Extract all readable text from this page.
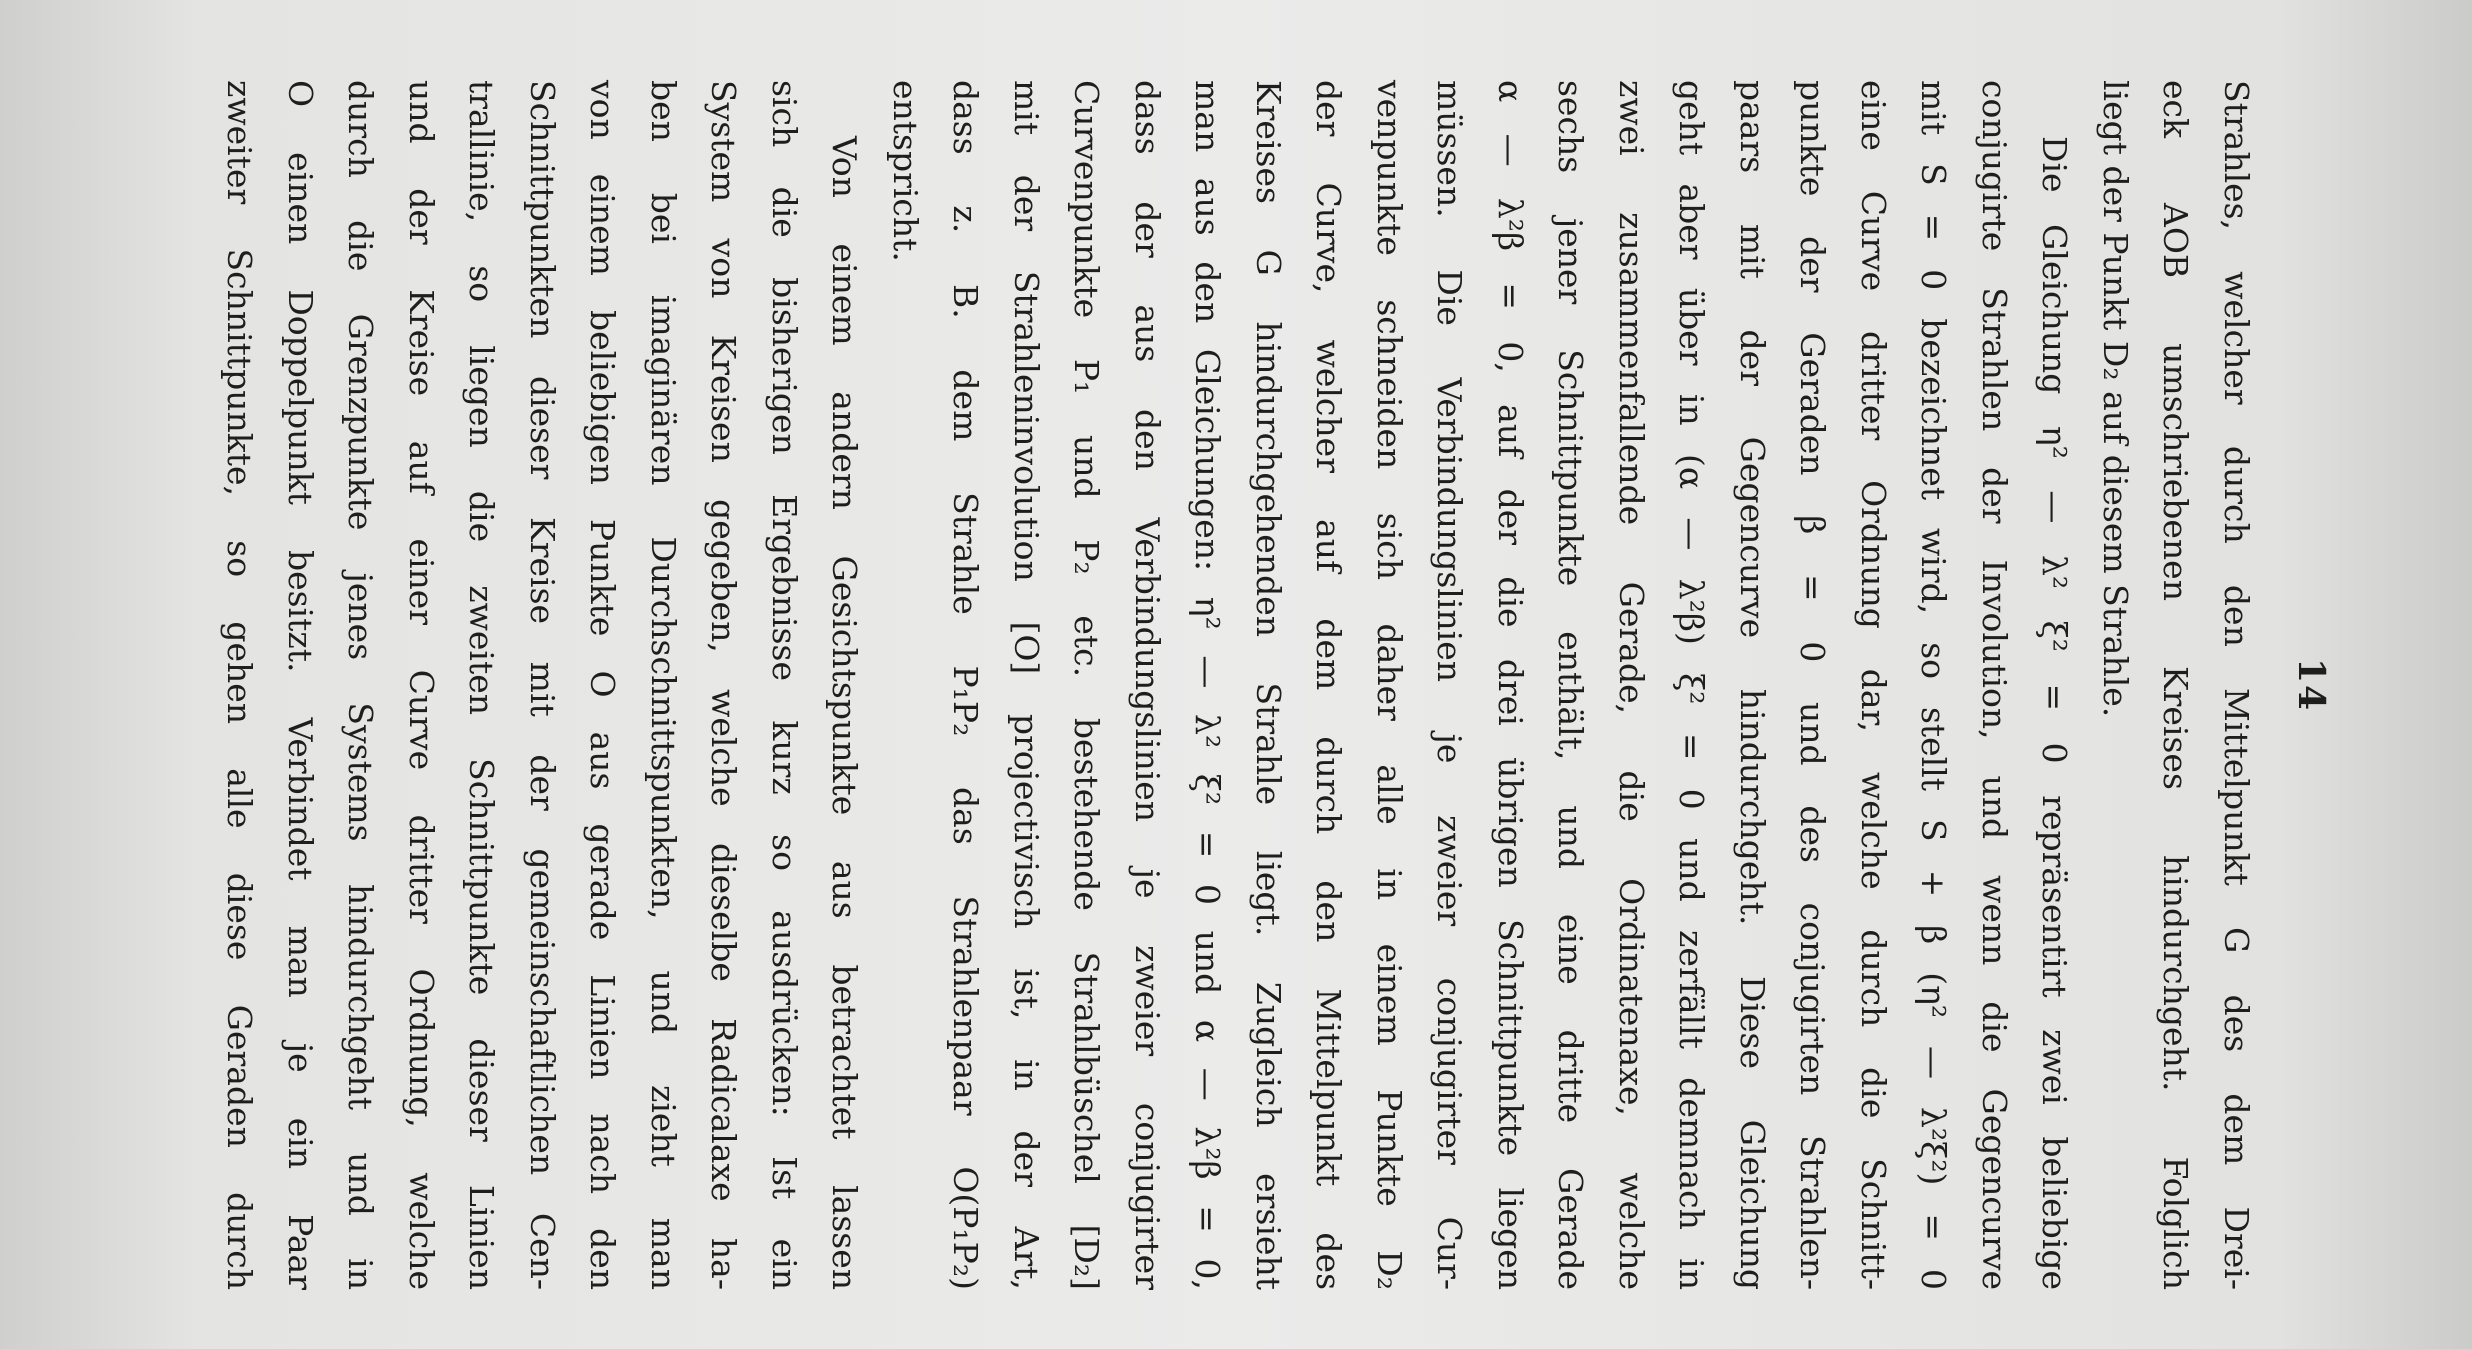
14
Strahles, welcher durch den Mittelpunkt G des dem Drei-
eck AOB umschriebenen Kreises hindurchgeht. Folglich
liegt der Punkt D₂ auf diesem Strahle.
Die Gleichung η² — λ² ξ² = 0 repräsentirt zwei beliebige
conjugirte Strahlen der Involution, und wenn die Gegencurve
mit S = 0 bezeichnet wird, so stellt S + β (η² — λ²ξ²) = 0
eine Curve dritter Ordnung dar, welche durch die Schnitt-
punkte der Geraden β = 0 und des conjugirten Strahlen-
paars mit der Gegencurve hindurchgeht. Diese Gleichung
geht aber über in (α — λ²β) ξ² = 0 und zerfällt demnach in
zwei zusammenfallende Gerade, die Ordinatenaxe, welche
sechs jener Schnittpunkte enthält, und eine dritte Gerade
α — λ²β = 0, auf der die drei übrigen Schnittpunkte liegen
müssen. Die Verbindungslinien je zweier conjugirter Cur-
venpunkte schneiden sich daher alle in einem Punkte D₂
der Curve, welcher auf dem durch den Mittelpunkt des
Kreises G hindurchgehenden Strahle liegt. Zugleich ersieht
man aus den Gleichungen: η² — λ² ξ² = 0 und α — λ²β = 0,
dass der aus den Verbindungslinien je zweier conjugirter
Curvenpunkte P₁ und P₂ etc. bestehende Strahlbüschel [D₂]
mit der Strahleninvolution [O] projectivisch ist, in der Art,
dass z. B. dem Strahle P₁P₂ das Strahlenpaar O(P₁P₂)
entspricht.
Von einem andern Gesichtspunkte aus betrachtet lassen
sich die bisherigen Ergebnisse kurz so ausdrücken: Ist ein
System von Kreisen gegeben, welche dieselbe Radicalaxe ha-
ben bei imaginären Durchschnittspunkten, und zieht man
von einem beliebigen Punkte O aus gerade Linien nach den
Schnittpunkten dieser Kreise mit der gemeinschaftlichen Cen-
trallinie, so liegen die zweiten Schnittpunkte dieser Linien
und der Kreise auf einer Curve dritter Ordnung, welche
durch die Grenzpunkte jenes Systems hindurchgeht und in
O einen Doppelpunkt besitzt. Verbindet man je ein Paar
zweiter Schnittpunkte, so gehen alle diese Geraden durch
